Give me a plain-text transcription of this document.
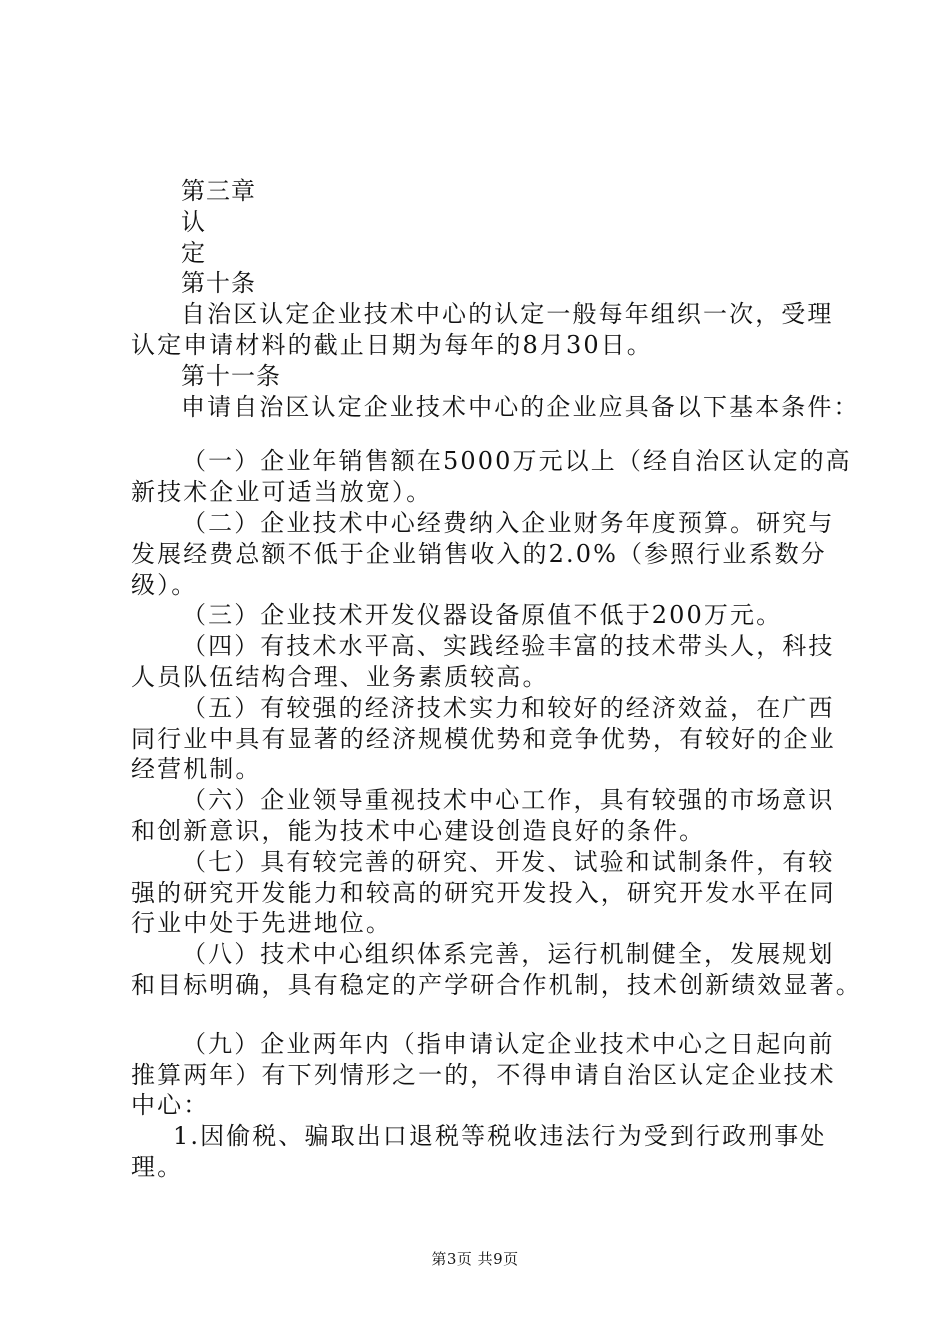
第三章
认
定
第十条
自治区认定企业技术中心的认定一般每年组织一次，受理
认定申请材料的截止日期为每年的8月30日。
第十一条
申请自治区认定企业技术中心的企业应具备以下基本条件：
（一）企业年销售额在5000万元以上（经自治区认定的高
新技术企业可适当放宽）。
（二）企业技术中心经费纳入企业财务年度预算。研究与
发展经费总额不低于企业销售收入的2.0%（参照行业系数分
级）。
（三）企业技术开发仪器设备原值不低于200万元。
（四）有技术水平高、实践经验丰富的技术带头人，科技
人员队伍结构合理、业务素质较高。
（五）有较强的经济技术实力和较好的经济效益，在广西
同行业中具有显著的经济规模优势和竞争优势，有较好的企业
经营机制。
（六）企业领导重视技术中心工作，具有较强的市场意识
和创新意识，能为技术中心建设创造良好的条件。
（七）具有较完善的研究、开发、试验和试制条件，有较
强的研究开发能力和较高的研究开发投入，研究开发水平在同
行业中处于先进地位。
（八）技术中心组织体系完善，运行机制健全，发展规划
和目标明确，具有稳定的产学研合作机制，技术创新绩效显著。
（九）企业两年内（指申请认定企业技术中心之日起向前
推算两年）有下列情形之一的，不得申请自治区认定企业技术
中心：
1.因偷税、骗取出口退税等税收违法行为受到行政刑事处
理。
第3页 共9页
